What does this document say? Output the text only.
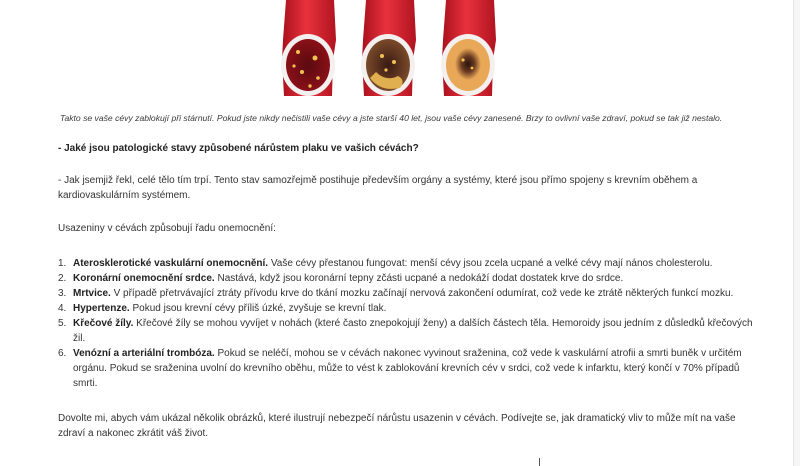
Takto se vaše cévy zablokují při stárnutí. Pokud jste nikdy nečistili vaše cévy a jste starší 40 let, jsou vaše cévy zanesené. Brzy to ovlivní vaše zdraví, pokud se tak již nestalo.

- Jaké jsou patologické stavy způsobené nárůstem plaku ve vašich cévách?

- Jak jsemjiž řekl, celé tělo tím trpí. Tento stav samozřejmě postihuje především orgány a systémy, které jsou přímo spojeny s krevním oběhem a kardiovaskulárním systémem.

Usazeniny v cévách způsobují řadu onemocnění:

1. Aterosklerotické vaskulární onemocnění. Vaše cévy přestanou fungovat: menší cévy jsou zcela ucpané a velké cévy mají nános cholesterolu.
2. Koronární onemocnění srdce. Nastává, když jsou koronární tepny zčásti ucpané a nedokáží dodat dostatek krve do srdce.
3. Mrtvice. V případě přetrvávající ztráty přívodu krve do tkání mozku začínají nervová zakončení odumírat, což vede ke ztrátě některých funkcí mozku.
4. Hypertenze. Pokud jsou krevní cévy příliš úzké, zvyšuje se krevní tlak.
5. Křečové žíly. Křečové žíly se mohou vyvíjet v nohách (které často znepokojují ženy) a dalších částech těla. Hemoroidy jsou jedním z důsledků křečových žil.
6. Venózní a arteriální trombóza. Pokud se neléčí, mohou se v cévách nakonec vyvinout sraženina, což vede k vaskulární atrofii a smrti buněk v určitém orgánu. Pokud se sraženina uvolní do krevního oběhu, může to vést k zablokování krevních cév v srdci, což vede k infarktu, který končí v 70% případů smrti.

Dovolte mi, abych vám ukázal několik obrázků, které ilustrují nebezpečí nárůstu usazenin v cévách. Podívejte se, jak dramatický vliv to může mít na vaše zdraví a nakonec zkrátit váš život.
